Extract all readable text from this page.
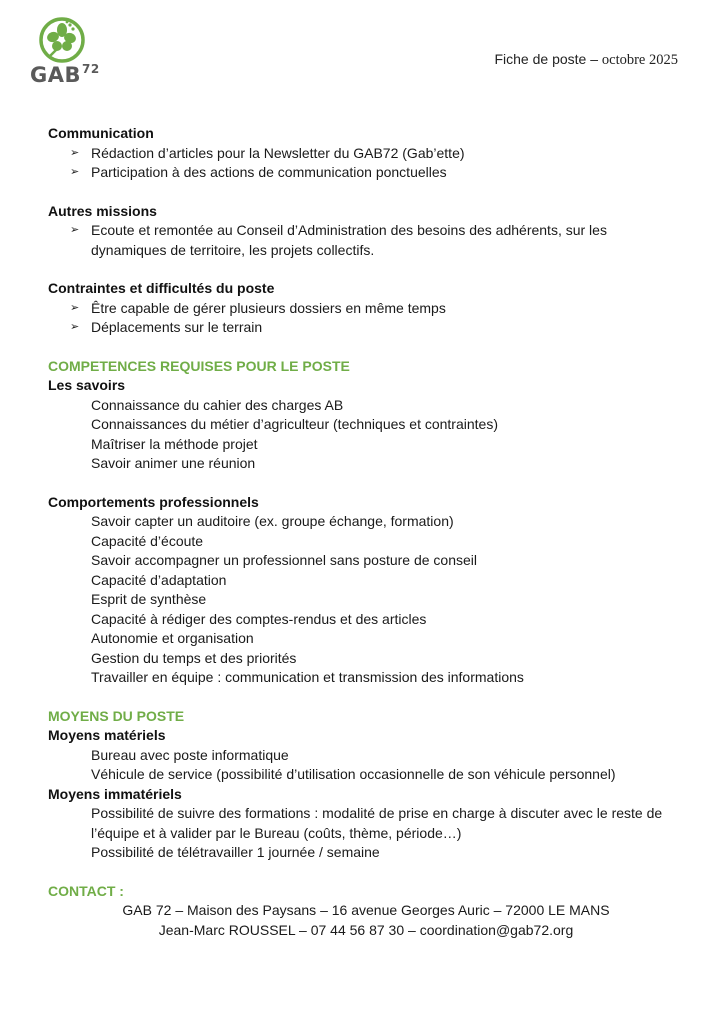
GAB$^{72}$
Fiche de poste – octobre 2025
Communication
➢ Rédaction d’articles pour la Newsletter du GAB72 (Gab’ette)
➢ Participation à des actions de communication ponctuelles
Autres missions
➢ Ecoute et remontée au Conseil d’Administration des besoins des adhérents, sur les dynamiques de territoire, les projets collectifs.
Contraintes et difficultés du poste
➢ Être capable de gérer plusieurs dossiers en même temps
➢ Déplacements sur le terrain
COMPETENCES REQUISES POUR LE POSTE
Les savoirs
Connaissance du cahier des charges AB
Connaissances du métier d’agriculteur (techniques et contraintes)
Maîtriser la méthode projet
Savoir animer une réunion
Comportements professionnels
Savoir capter un auditoire (ex. groupe échange, formation)
Capacité d’écoute
Savoir accompagner un professionnel sans posture de conseil
Capacité d’adaptation
Esprit de synthèse
Capacité à rédiger des comptes-rendus et des articles
Autonomie et organisation
Gestion du temps et des priorités
Travailler en équipe : communication et transmission des informations
MOYENS DU POSTE
Moyens matériels
Bureau avec poste informatique
Véhicule de service (possibilité d’utilisation occasionnelle de son véhicule personnel)
Moyens immatériels
Possibilité de suivre des formations : modalité de prise en charge à discuter avec le reste de l’équipe et à valider par le Bureau (coûts, thème, période…)
Possibilité de télétravailler 1 journée / semaine
CONTACT :
GAB 72 – Maison des Paysans – 16 avenue Georges Auric – 72000 LE MANS
Jean-Marc ROUSSEL – 07 44 56 87 30 – coordination@gab72.org
